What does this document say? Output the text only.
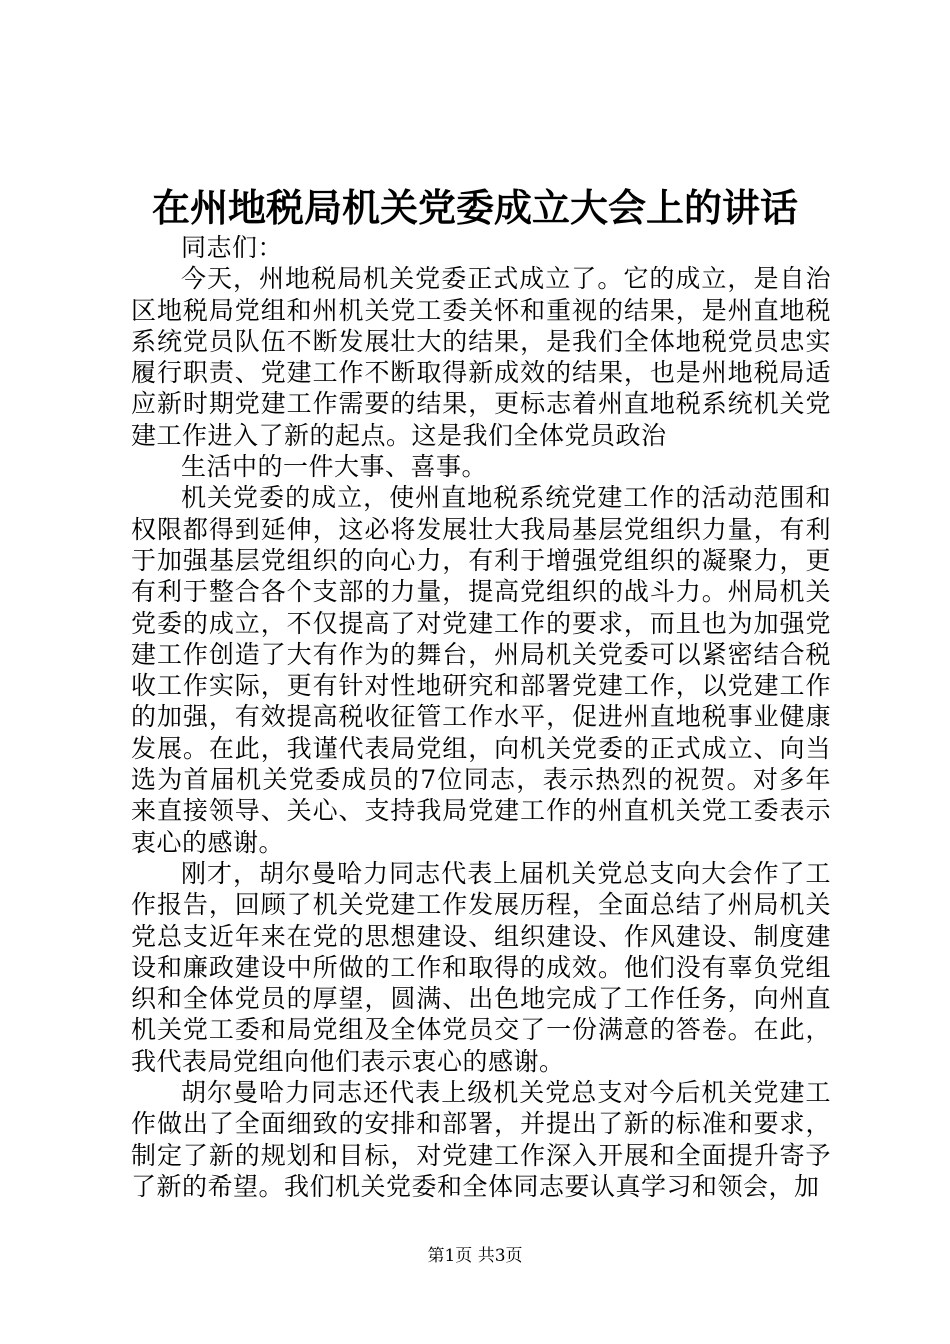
在州地税局机关党委成立大会上的讲话

同志们：

今天，州地税局机关党委正式成立了。它的成立，是自治区地税局党组和州机关党工委关怀和重视的结果，是州直地税系统党员队伍不断发展壮大的结果，是我们全体地税党员忠实履行职责、党建工作不断取得新成效的结果，也是州地税局适应新时期党建工作需要的结果，更标志着州直地税系统机关党建工作进入了新的起点。这是我们全体党员政治

生活中的一件大事、喜事。

机关党委的成立，使州直地税系统党建工作的活动范围和权限都得到延伸，这必将发展壮大我局基层党组织力量，有利于加强基层党组织的向心力，有利于增强党组织的凝聚力，更有利于整合各个支部的力量，提高党组织的战斗力。州局机关党委的成立，不仅提高了对党建工作的要求，而且也为加强党建工作创造了大有作为的舞台，州局机关党委可以紧密结合税收工作实际，更有针对性地研究和部署党建工作，以党建工作的加强，有效提高税收征管工作水平，促进州直地税事业健康发展。在此，我谨代表局党组，向机关党委的正式成立、向当选为首届机关党委成员的7位同志，表示热烈的祝贺。对多年来直接领导、关心、支持我局党建工作的州直机关党工委表示衷心的感谢。

刚才，胡尔曼哈力同志代表上届机关党总支向大会作了工作报告，回顾了机关党建工作发展历程，全面总结了州局机关党总支近年来在党的思想建设、组织建设、作风建设、制度建设和廉政建设中所做的工作和取得的成效。他们没有辜负党组织和全体党员的厚望，圆满、出色地完成了工作任务，向州直机关党工委和局党组及全体党员交了一份满意的答卷。在此，我代表局党组向他们表示衷心的感谢。

胡尔曼哈力同志还代表上级机关党总支对今后机关党建工作做出了全面细致的安排和部署，并提出了新的标准和要求，制定了新的规划和目标，对党建工作深入开展和全面提升寄予了新的希望。我们机关党委和全体同志要认真学习和领会，加

第1页 共3页
